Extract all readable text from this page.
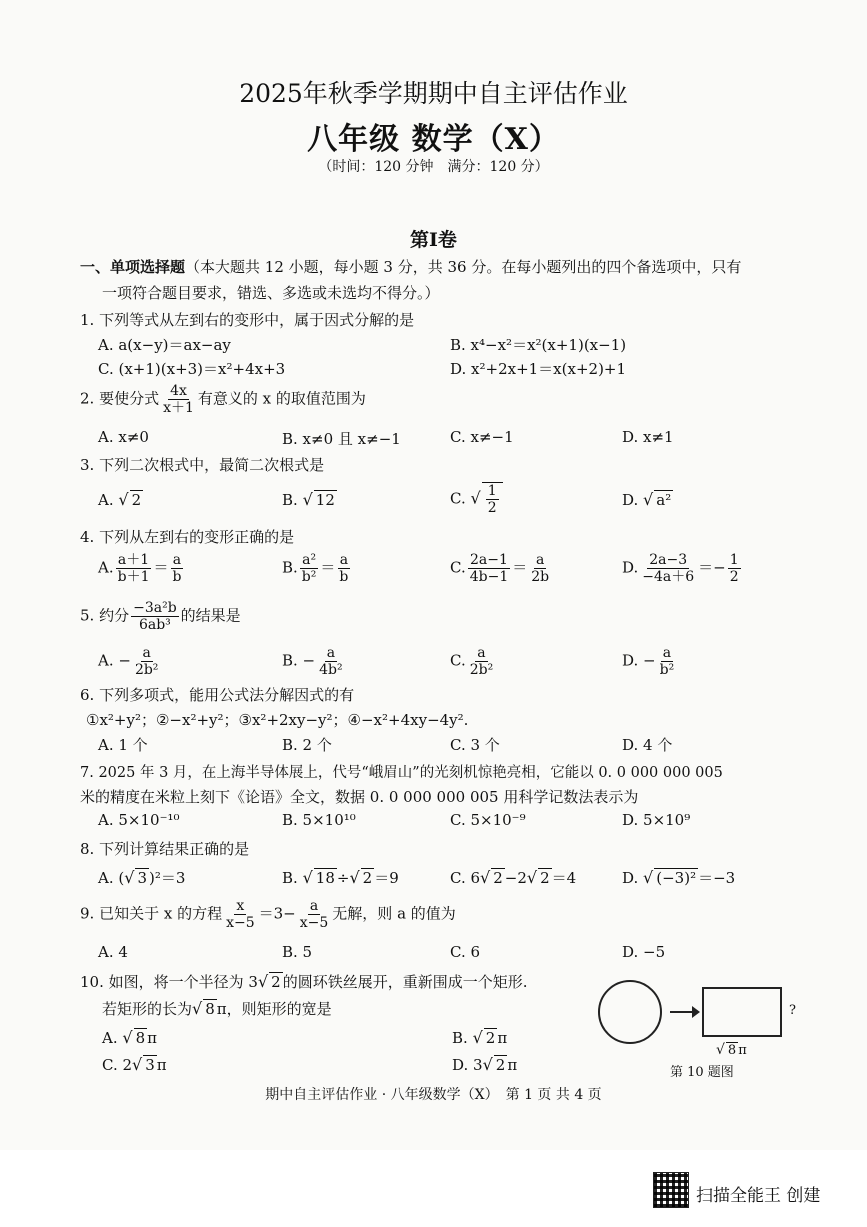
2025年秋季学期期中自主评估作业
八年级 数学（X）
（时间：120 分钟　满分：120 分）
第Ⅰ卷
一、单项选择题（本大题共 12 小题，每小题 3 分，共 36 分。在每小题列出的四个备选项中，只有
一项符合题目要求，错选、多选或未选均不得分。）
1. 下列等式从左到右的变形中，属于因式分解的是
A. a(x−y)＝ax−ay	B. x⁴−x²＝x²(x+1)(x−1)
C. (x+1)(x+3)＝x²+4x+3	D. x²+2x+1＝x(x+2)+1
2. 要使分式 $\frac{4x}{x+1}$ 有意义的 x 的取值范围为
A. x≠0	B. x≠0 且 x≠−1	C. x≠−1	D. x≠1
3. 下列二次根式中，最简二次根式是
A. √ 2	B. √ 12	C. √ $\frac{1}{2}$	D. √ a²
4. 下列从左到右的变形正确的是
A. $\frac{a+1}{b+1} = \frac{a}{b}$	B. $\frac{\text{a²}}{\text{b²}} = \frac{a}{b}$	C. $\frac{2a-1}{4b-1} = \frac{a}{2b}$	D. $\frac{2a-3}{-4a+6} =- \frac{1}{2}$
5. 约分 $\frac{\text{−3a²b}}{\text{6ab³}}$ 的结果是
A. − $\frac{a}{\text{2b²}}$	B. − $\frac{a}{\text{4b²}}$	C. $\frac{a}{\text{2b²}}$	D. − $\frac{a}{\text{b²}}$
6. 下列多项式，能用公式法分解因式的有
①x²+y²；②−x²+y²；③x²+2xy−y²；④−x²+4xy−4y².
A. 1 个	B. 2 个	C. 3 个	D. 4 个
7. 2025 年 3 月，在上海半导体展上，代号“峨眉山”的光刻机惊艳亮相，它能以 0. 0 000 000 005
米的精度在米粒上刻下《论语》全文，数据 0. 0 000 000 005 用科学记数法表示为
A. 5×10⁻¹⁰	B. 5×10¹⁰	C. 5×10⁻⁹	D. 5×10⁹
8. 下列计算结果正确的是
A. (√ 3 )²＝3	B. √ 18 ÷√ 2 ＝9	C. 6√ 2 −2√ 2 ＝4	D. √ (−3)² ＝−3
9. 已知关于 x 的方程 $\frac{x}{x-5} =3- \frac{a}{x-5}$ 无解，则 a 的值为
A. 4	B. 5	C. 6	D. −5
10. 如图，将一个半径为 3√ 2 的圆环铁丝展开，重新围成一个矩形.
若矩形的长为√ 8 π，则矩形的宽是
A. √ 8 π	B. √ 2 π
C. 2√ 3 π	D. 3√ 2 π
?
√ 8 π
第 10 题图
期中自主评估作业 · 八年级数学（X）　第 1 页 共 4 页
扫描全能王 创建
